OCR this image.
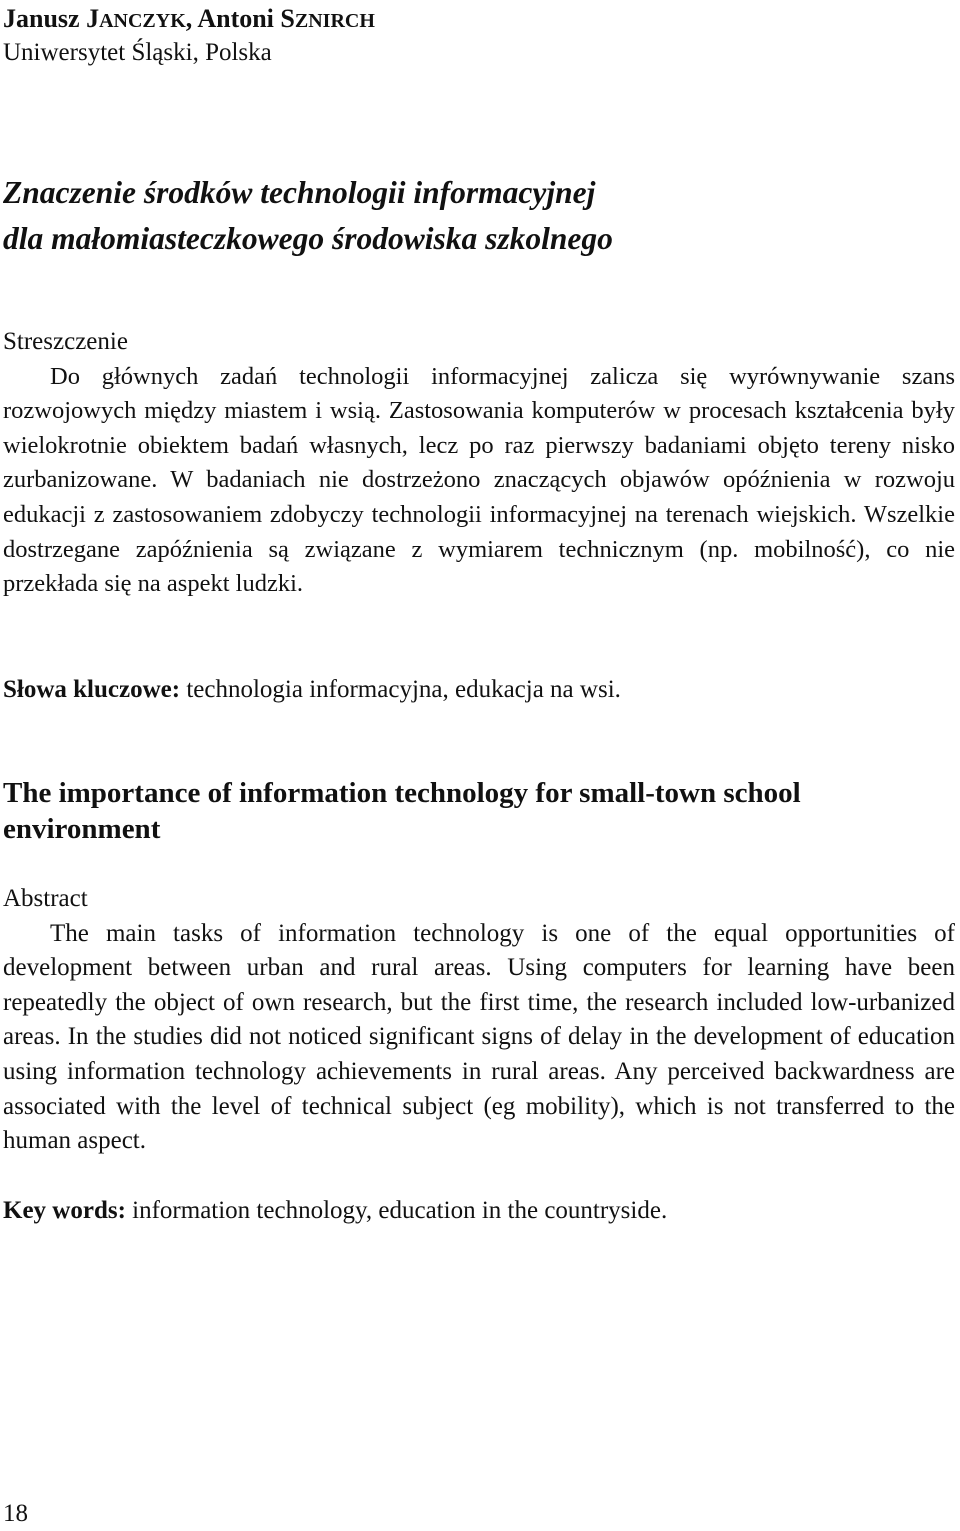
Janusz JANCZYK, Antoni SZNIRCH
Uniwersytet Śląski, Polska
Znaczenie środków technologii informacyjnej
dla małomiasteczkowego środowiska szkolnego

Streszczenie

Do głównych zadań technologii informacyjnej zalicza się wyrównywanie szans rozwojowych między miastem i wsią. Zastosowania komputerów w procesach kształcenia były wielokrotnie obiektem badań własnych, lecz po raz pierwszy badaniami objęto tereny nisko zurbanizowane. W badaniach nie dostrzeżono znaczących objawów opóźnienia w rozwoju edukacji z zastosowaniem zdobyczy technologii informacyjnej na terenach wiejskich. Wszelkie dostrzegane zapóźnienia są związane z wymiarem technicznym (np. mobilność), co nie przekłada się na aspekt ludzki.

Słowa kluczowe: technologia informacyjna, edukacja na wsi.
The importance of information technology for small-town school
environment

Abstract

The main tasks of information technology is one of the equal opportunities of development between urban and rural areas. Using computers for learning have been repeatedly the object of own research, but the first time, the research included low-urbanized areas. In the studies did not noticed significant signs of delay in the development of education using information technology achievements in rural areas. Any perceived backwardness are associated with the level of technical subject (eg mobility), which is not transferred to the human aspect.

Key words: information technology, education in the countryside.
18
